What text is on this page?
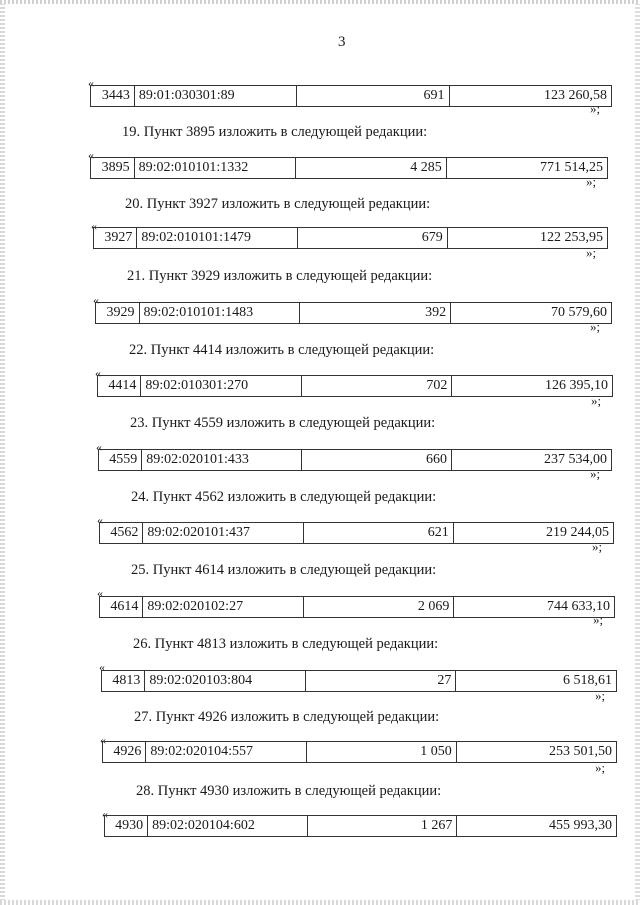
3
«
3443	89:01:030301:89	691	123 260,58
»;
19. Пункт 3895 изложить в следующей редакции:
«
3895	89:02:010101:1332	4 285	771 514,25
»;
20. Пункт 3927 изложить в следующей редакции:
«
3927	89:02:010101:1479	679	122 253,95
»;
21. Пункт 3929 изложить в следующей редакции:
«
3929	89:02:010101:1483	392	70 579,60
»;
22. Пункт 4414 изложить в следующей редакции:
«
4414	89:02:010301:270	702	126 395,10
»;
23. Пункт 4559 изложить в следующей редакции:
«
4559	89:02:020101:433	660	237 534,00
»;
24. Пункт 4562 изложить в следующей редакции:
«
4562	89:02:020101:437	621	219 244,05
»;
25. Пункт 4614 изложить в следующей редакции:
«
4614	89:02:020102:27	2 069	744 633,10
»;
26. Пункт 4813 изложить в следующей редакции:
«
4813	89:02:020103:804	27	6 518,61
»;
27. Пункт 4926 изложить в следующей редакции:
«
4926	89:02:020104:557	1 050	253 501,50
»;
28. Пункт 4930 изложить в следующей редакции:
«
4930	89:02:020104:602	1 267	455 993,30
